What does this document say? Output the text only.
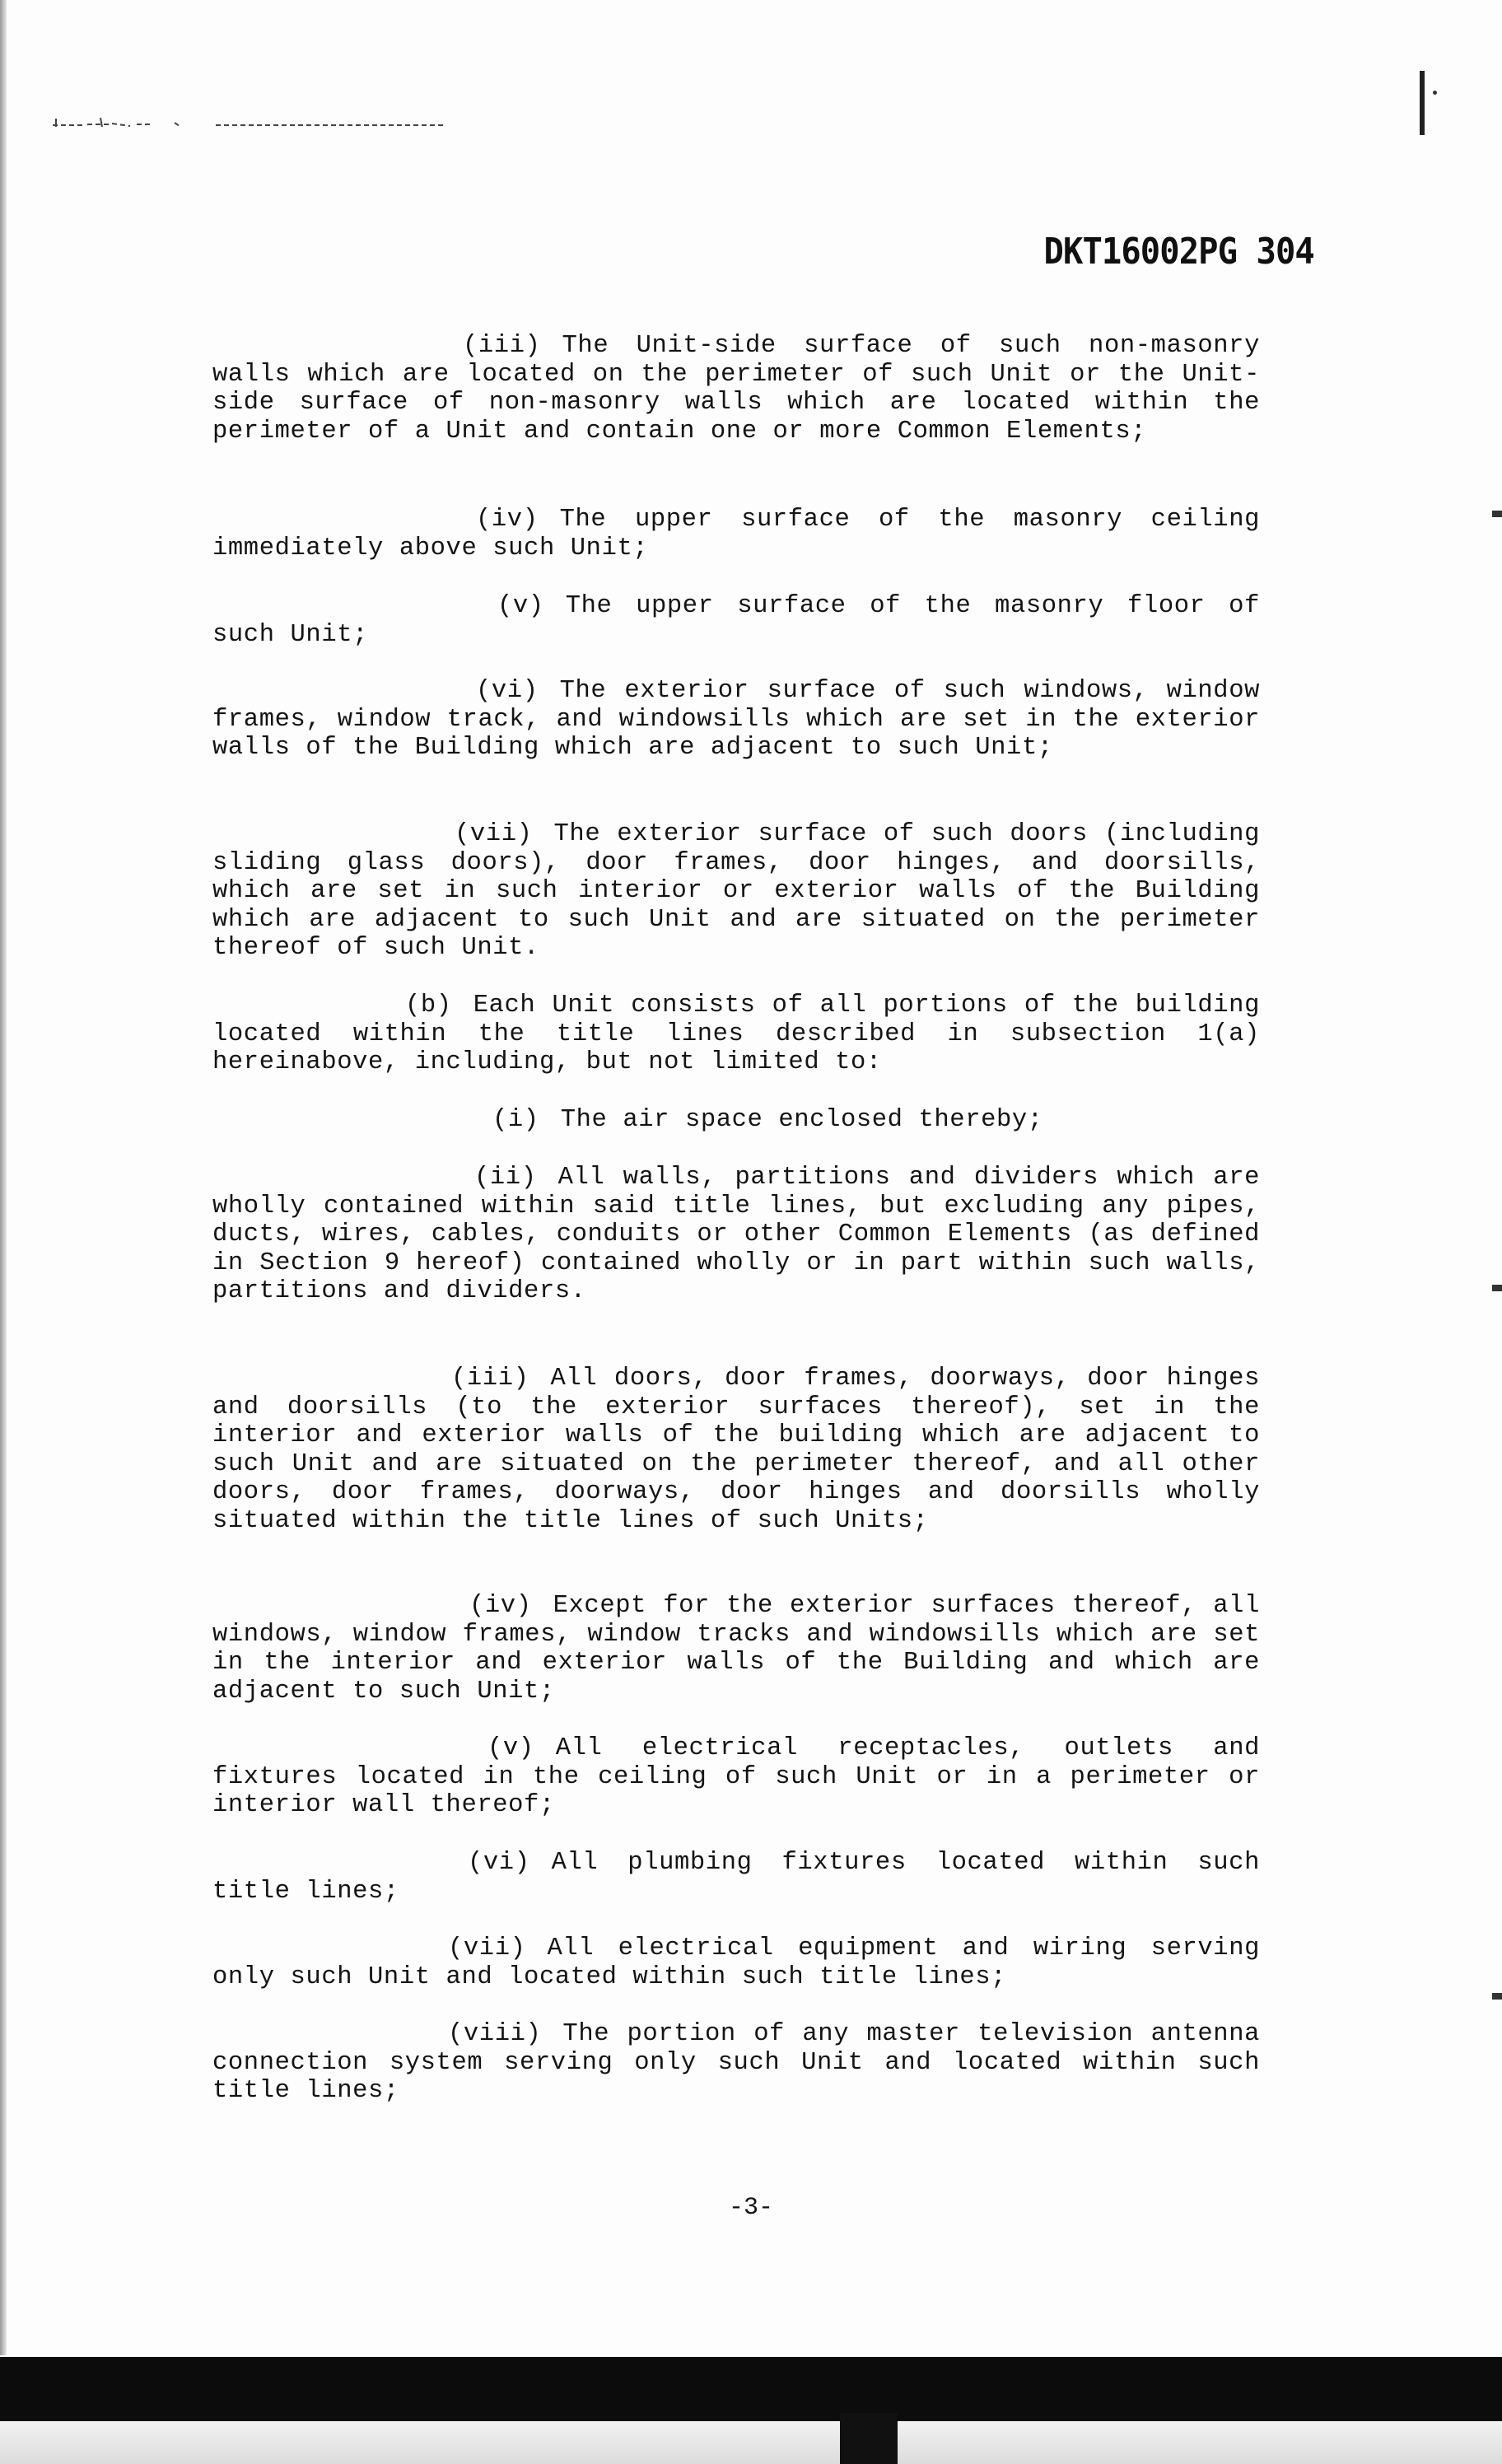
DKT16002PG 304

(iii) The Unit-side surface of such non-masonry walls which are located on the perimeter of such Unit or the Unit-side surface of non-masonry walls which are located within the perimeter of a Unit and contain one or more Common Elements;

(iv) The upper surface of the masonry ceiling immediately above such Unit;

(v) The upper surface of the masonry floor of such Unit;

(vi) The exterior surface of such windows, window frames, window track, and windowsills which are set in the exterior walls of the Building which are adjacent to such Unit;

(vii) The exterior surface of such doors (including sliding glass doors), door frames, door hinges, and doorsills, which are set in such interior or exterior walls of the Building which are adjacent to such Unit and are situated on the perimeter thereof of such Unit.

(b) Each Unit consists of all portions of the building located within the title lines described in subsection 1(a) hereinabove, including, but not limited to:

(i) The air space enclosed thereby;

(ii) All walls, partitions and dividers which are wholly contained within said title lines, but excluding any pipes, ducts, wires, cables, conduits or other Common Elements (as defined in Section 9 hereof) contained wholly or in part within such walls, partitions and dividers.

(iii) All doors, door frames, doorways, door hinges and doorsills (to the exterior surfaces thereof), set in the interior and exterior walls of the building which are adjacent to such Unit and are situated on the perimeter thereof, and all other doors, door frames, doorways, door hinges and doorsills wholly situated within the title lines of such Units;

(iv) Except for the exterior surfaces thereof, all windows, window frames, window tracks and windowsills which are set in the interior and exterior walls of the Building and which are adjacent to such Unit;

(v) All electrical receptacles, outlets and fixtures located in the ceiling of such Unit or in a perimeter or interior wall thereof;

(vi) All plumbing fixtures located within such title lines;

(vii) All electrical equipment and wiring serving only such Unit and located within such title lines;

(viii) The portion of any master television antenna connection system serving only such Unit and located within such title lines;

-3-
